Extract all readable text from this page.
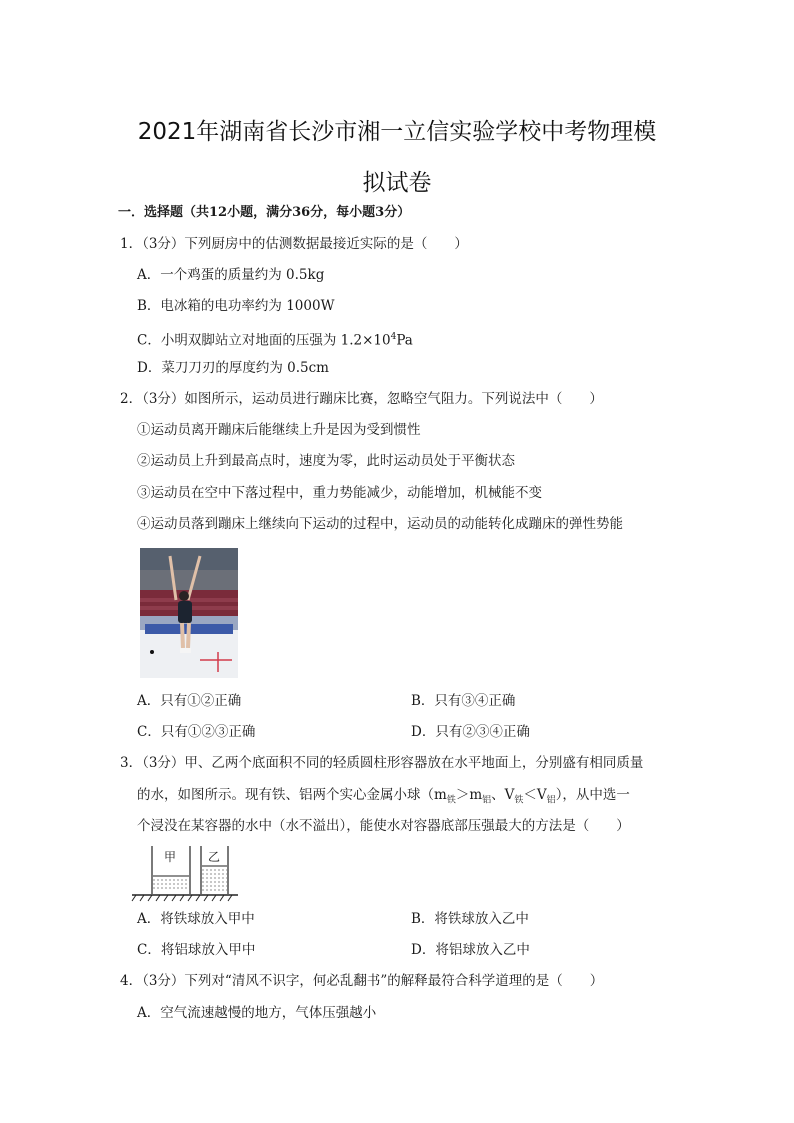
2021年湖南省长沙市湘一立信实验学校中考物理模
拟试卷
一．选择题（共12小题，满分36分，每小题3分）
1．（3分）下列厨房中的估测数据最接近实际的是（　　）
A．一个鸡蛋的质量约为 0.5kg
B．电冰箱的电功率约为 1000W
C．小明双脚站立对地面的压强为 $1.2\times 10^4Pa$
D．菜刀刀刃的厚度约为 0.5cm
2．（3分）如图所示，运动员进行蹦床比赛，忽略空气阻力。下列说法中（　　）
①运动员离开蹦床后能继续上升是因为受到惯性
②运动员上升到最高点时，速度为零，此时运动员处于平衡状态
③运动员在空中下落过程中，重力势能减少，动能增加，机械能不变
④运动员落到蹦床上继续向下运动的过程中，运动员的动能转化成蹦床的弹性势能
A．只有①②正确	B．只有③④正确
C．只有①②③正确	D．只有②③④正确
3．（3分）甲、乙两个底面积不同的轻质圆柱形容器放在水平地面上，分别盛有相同质量
的水，如图所示。现有铁、铝两个实心金属小球（$m_铁>m_铝$、$V_铁<V_铝$），从中选一
个浸没在某容器的水中（水不溢出），能使水对容器底部压强最大的方法是（　　）
甲	乙
A．将铁球放入甲中	B．将铁球放入乙中
C．将铝球放入甲中	D．将铝球放入乙中
4．（3分）下列对“清风不识字，何必乱翻书”的解释最符合科学道理的是（　　）
A．空气流速越慢的地方，气体压强越小
